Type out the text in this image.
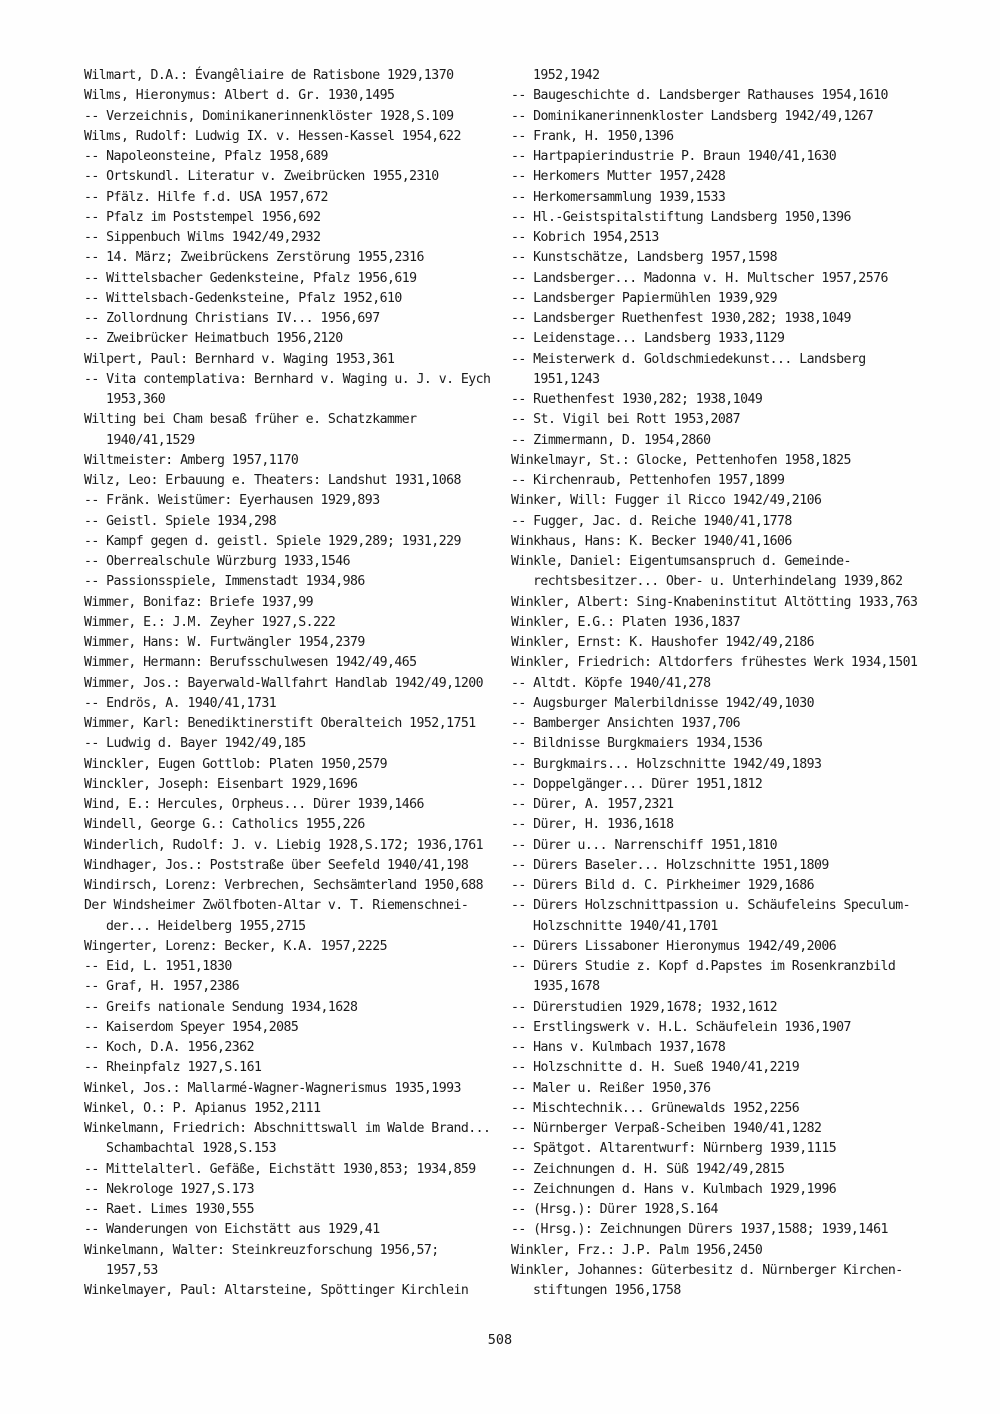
Wilmart, D.A.: Évangêliaire de Ratisbone 1929,1370
Wilms, Hieronymus: Albert d. Gr. 1930,1495
-- Verzeichnis, Dominikanerinnenklöster 1928,S.109
Wilms, Rudolf: Ludwig IX. v. Hessen-Kassel 1954,622
-- Napoleonsteine, Pfalz 1958,689
-- Ortskundl. Literatur v. Zweibrücken 1955,2310
-- Pfälz. Hilfe f.d. USA 1957,672
-- Pfalz im Poststempel 1956,692
-- Sippenbuch Wilms 1942/49,2932
-- 14. März; Zweibrückens Zerstörung 1955,2316
-- Wittelsbacher Gedenksteine, Pfalz 1956,619
-- Wittelsbach-Gedenksteine, Pfalz 1952,610
-- Zollordnung Christians IV... 1956,697
-- Zweibrücker Heimatbuch 1956,2120
Wilpert, Paul: Bernhard v. Waging 1953,361
-- Vita contemplativa: Bernhard v. Waging u. J. v. Eych
1953,360
Wilting bei Cham besaß früher e. Schatzkammer
1940/41,1529
Wiltmeister: Amberg 1957,1170
Wilz, Leo: Erbauung e. Theaters: Landshut 1931,1068
-- Fränk. Weistümer: Eyerhausen 1929,893
-- Geistl. Spiele 1934,298
-- Kampf gegen d. geistl. Spiele 1929,289; 1931,229
-- Oberrealschule Würzburg 1933,1546
-- Passionsspiele, Immenstadt 1934,986
Wimmer, Bonifaz: Briefe 1937,99
Wimmer, E.: J.M. Zeyher 1927,S.222
Wimmer, Hans: W. Furtwängler 1954,2379
Wimmer, Hermann: Berufsschulwesen 1942/49,465
Wimmer, Jos.: Bayerwald-Wallfahrt Handlab 1942/49,1200
-- Endrös, A. 1940/41,1731
Wimmer, Karl: Benediktinerstift Oberalteich 1952,1751
-- Ludwig d. Bayer 1942/49,185
Winckler, Eugen Gottlob: Platen 1950,2579
Winckler, Joseph: Eisenbart 1929,1696
Wind, E.: Hercules, Orpheus... Dürer 1939,1466
Windell, George G.: Catholics 1955,226
Winderlich, Rudolf: J. v. Liebig 1928,S.172; 1936,1761
Windhager, Jos.: Poststraße über Seefeld 1940/41,198
Windirsch, Lorenz: Verbrechen, Sechsämterland 1950,688
Der Windsheimer Zwölfboten-Altar v. T. Riemenschnei-
der... Heidelberg 1955,2715
Wingerter, Lorenz: Becker, K.A. 1957,2225
-- Eid, L. 1951,1830
-- Graf, H. 1957,2386
-- Greifs nationale Sendung 1934,1628
-- Kaiserdom Speyer 1954,2085
-- Koch, D.A. 1956,2362
-- Rheinpfalz 1927,S.161
Winkel, Jos.: Mallarmé-Wagner-Wagnerismus 1935,1993
Winkel, O.: P. Apianus 1952,2111
Winkelmann, Friedrich: Abschnittswall im Walde Brand...
Schambachtal 1928,S.153
-- Mittelalterl. Gefäße, Eichstätt 1930,853; 1934,859
-- Nekrologe 1927,S.173
-- Raet. Limes 1930,555
-- Wanderungen von Eichstätt aus 1929,41
Winkelmann, Walter: Steinkreuzforschung 1956,57;
1957,53
Winkelmayer, Paul: Altarsteine, Spöttinger Kirchlein
1952,1942
-- Baugeschichte d. Landsberger Rathauses 1954,1610
-- Dominikanerinnenkloster Landsberg 1942/49,1267
-- Frank, H. 1950,1396
-- Hartpapierindustrie P. Braun 1940/41,1630
-- Herkomers Mutter 1957,2428
-- Herkomersammlung 1939,1533
-- Hl.-Geistspitalstiftung Landsberg 1950,1396
-- Kobrich 1954,2513
-- Kunstschätze, Landsberg 1957,1598
-- Landsberger... Madonna v. H. Multscher 1957,2576
-- Landsberger Papiermühlen 1939,929
-- Landsberger Ruethenfest 1930,282; 1938,1049
-- Leidenstage... Landsberg 1933,1129
-- Meisterwerk d. Goldschmiedekunst... Landsberg
1951,1243
-- Ruethenfest 1930,282; 1938,1049
-- St. Vigil bei Rott 1953,2087
-- Zimmermann, D. 1954,2860
Winkelmayr, St.: Glocke, Pettenhofen 1958,1825
-- Kirchenraub, Pettenhofen 1957,1899
Winker, Will: Fugger il Ricco 1942/49,2106
-- Fugger, Jac. d. Reiche 1940/41,1778
Winkhaus, Hans: K. Becker 1940/41,1606
Winkle, Daniel: Eigentumsanspruch d. Gemeinde-
rechtsbesitzer... Ober- u. Unterhindelang 1939,862
Winkler, Albert: Sing-Knabeninstitut Altötting 1933,763
Winkler, E.G.: Platen 1936,1837
Winkler, Ernst: K. Haushofer 1942/49,2186
Winkler, Friedrich: Altdorfers frühestes Werk 1934,1501
-- Altdt. Köpfe 1940/41,278
-- Augsburger Malerbildnisse 1942/49,1030
-- Bamberger Ansichten 1937,706
-- Bildnisse Burgkmaiers 1934,1536
-- Burgkmairs... Holzschnitte 1942/49,1893
-- Doppelgänger... Dürer 1951,1812
-- Dürer, A. 1957,2321
-- Dürer, H. 1936,1618
-- Dürer u... Narrenschiff 1951,1810
-- Dürers Baseler... Holzschnitte 1951,1809
-- Dürers Bild d. C. Pirkheimer 1929,1686
-- Dürers Holzschnittpassion u. Schäufeleins Speculum-
Holzschnitte 1940/41,1701
-- Dürers Lissaboner Hieronymus 1942/49,2006
-- Dürers Studie z. Kopf d.Papstes im Rosenkranzbild
1935,1678
-- Dürerstudien 1929,1678; 1932,1612
-- Erstlingswerk v. H.L. Schäufelein 1936,1907
-- Hans v. Kulmbach 1937,1678
-- Holzschnitte d. H. Sueß 1940/41,2219
-- Maler u. Reißer 1950,376
-- Mischtechnik... Grünewalds 1952,2256
-- Nürnberger Verpaß-Scheiben 1940/41,1282
-- Spätgot. Altarentwurf: Nürnberg 1939,1115
-- Zeichnungen d. H. Süß 1942/49,2815
-- Zeichnungen d. Hans v. Kulmbach 1929,1996
-- (Hrsg.): Dürer 1928,S.164
-- (Hrsg.): Zeichnungen Dürers 1937,1588; 1939,1461
Winkler, Frz.: J.P. Palm 1956,2450
Winkler, Johannes: Güterbesitz d. Nürnberger Kirchen-
stiftungen 1956,1758
508
